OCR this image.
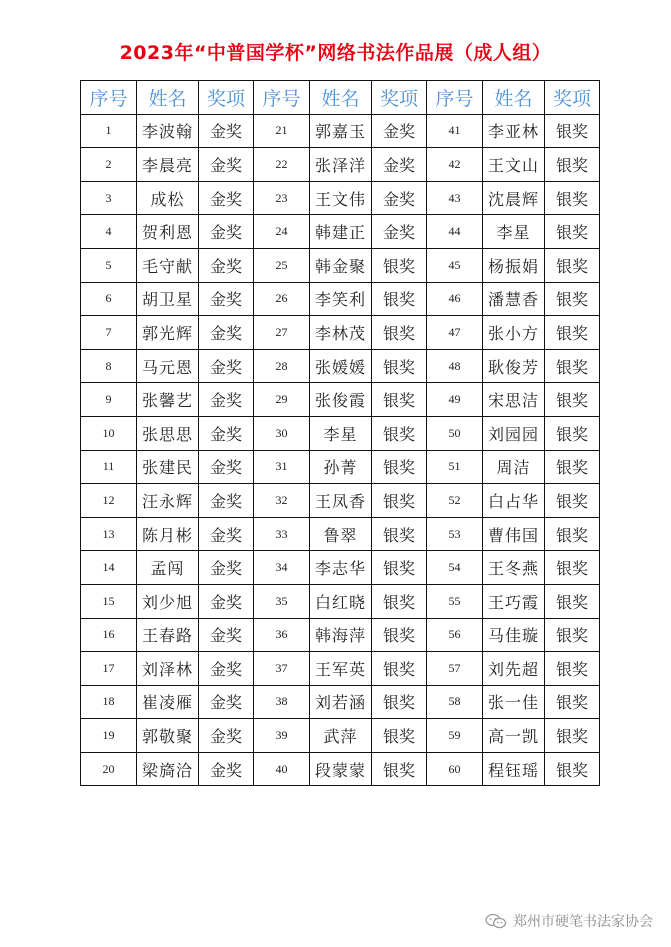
2023年“中普国学杯”网络书法作品展（成人组）
序号	姓名	奖项	序号	姓名	奖项	序号	姓名	奖项
1	李波翰	金奖	21	郭嘉玉	金奖	41	李亚林	银奖
2	李晨亮	金奖	22	张泽洋	金奖	42	王文山	银奖
3	成松	金奖	23	王文伟	金奖	43	沈晨辉	银奖
4	贺利恩	金奖	24	韩建正	金奖	44	李星	银奖
5	毛守献	金奖	25	韩金聚	银奖	45	杨振娟	银奖
6	胡卫星	金奖	26	李笑利	银奖	46	潘慧香	银奖
7	郭光辉	金奖	27	李林茂	银奖	47	张小方	银奖
8	马元恩	金奖	28	张媛媛	银奖	48	耿俊芳	银奖
9	张馨艺	金奖	29	张俊霞	银奖	49	宋思洁	银奖
10	张思思	金奖	30	李星	银奖	50	刘园园	银奖
11	张建民	金奖	31	孙菁	银奖	51	周洁	银奖
12	汪永辉	金奖	32	王凤香	银奖	52	白占华	银奖
13	陈月彬	金奖	33	鲁翠	银奖	53	曹伟国	银奖
14	孟闯	金奖	34	李志华	银奖	54	王冬燕	银奖
15	刘少旭	金奖	35	白红晓	银奖	55	王巧霞	银奖
16	王春路	金奖	36	韩海萍	银奖	56	马佳璇	银奖
17	刘泽林	金奖	37	王军英	银奖	57	刘先超	银奖
18	崔凌雁	金奖	38	刘若涵	银奖	58	张一佳	银奖
19	郭敬聚	金奖	39	武萍	银奖	59	高一凯	银奖
20	梁旖洽	金奖	40	段蒙蒙	银奖	60	程钰瑶	银奖
郑州市硬笔书法家协会
